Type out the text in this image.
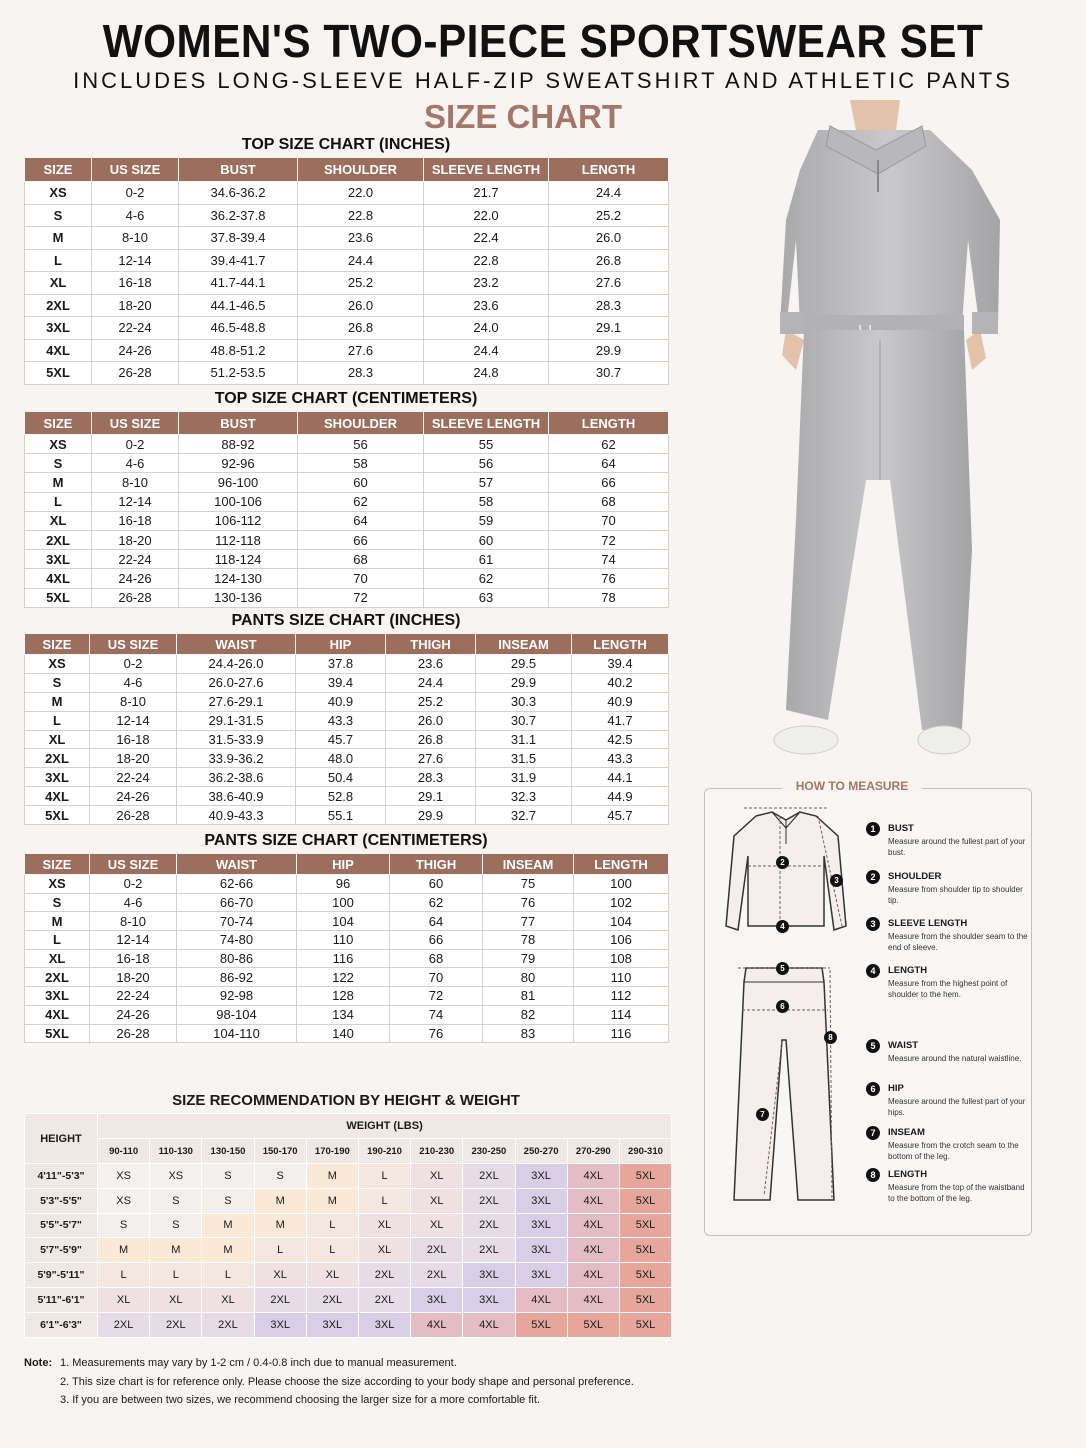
WOMEN'S TWO-PIECE SPORTSWEAR SET
INCLUDES LONG-SLEEVE HALF-ZIP SWEATSHIRT AND ATHLETIC PANTS
SIZE CHART
TOP SIZE CHART (INCHES)
SIZE	US SIZE	BUST	SHOULDER	SLEEVE LENGTH	LENGTH
XS	0-2	34.6-36.2	22.0	21.7	24.4
S	4-6	36.2-37.8	22.8	22.0	25.2
M	8-10	37.8-39.4	23.6	22.4	26.0
L	12-14	39.4-41.7	24.4	22.8	26.8
XL	16-18	41.7-44.1	25.2	23.2	27.6
2XL	18-20	44.1-46.5	26.0	23.6	28.3
3XL	22-24	46.5-48.8	26.8	24.0	29.1
4XL	24-26	48.8-51.2	27.6	24.4	29.9
5XL	26-28	51.2-53.5	28.3	24.8	30.7
TOP SIZE CHART (CENTIMETERS)
SIZE	US SIZE	BUST	SHOULDER	SLEEVE LENGTH	LENGTH
XS	0-2	88-92	56	55	62
S	4-6	92-96	58	56	64
M	8-10	96-100	60	57	66
L	12-14	100-106	62	58	68
XL	16-18	106-112	64	59	70
2XL	18-20	112-118	66	60	72
3XL	22-24	118-124	68	61	74
4XL	24-26	124-130	70	62	76
5XL	26-28	130-136	72	63	78
PANTS SIZE CHART (INCHES)
SIZE	US SIZE	WAIST	HIP	THIGH	INSEAM	LENGTH
XS	0-2	24.4-26.0	37.8	23.6	29.5	39.4
S	4-6	26.0-27.6	39.4	24.4	29.9	40.2
M	8-10	27.6-29.1	40.9	25.2	30.3	40.9
L	12-14	29.1-31.5	43.3	26.0	30.7	41.7
XL	16-18	31.5-33.9	45.7	26.8	31.1	42.5
2XL	18-20	33.9-36.2	48.0	27.6	31.5	43.3
3XL	22-24	36.2-38.6	50.4	28.3	31.9	44.1
4XL	24-26	38.6-40.9	52.8	29.1	32.3	44.9
5XL	26-28	40.9-43.3	55.1	29.9	32.7	45.7
PANTS SIZE CHART (CENTIMETERS)
SIZE	US SIZE	WAIST	HIP	THIGH	INSEAM	LENGTH
XS	0-2	62-66	96	60	75	100
S	4-6	66-70	100	62	76	102
M	8-10	70-74	104	64	77	104
L	12-14	74-80	110	66	78	106
XL	16-18	80-86	116	68	79	108
2XL	18-20	86-92	122	70	80	110
3XL	22-24	92-98	128	72	81	112
4XL	24-26	98-104	134	74	82	114
5XL	26-28	104-110	140	76	83	116
HOW TO MEASURE
2
3
4
5
6
7
8
1	BUST
Measure around the fullest part of your bust.
2	SHOULDER
Measure from shoulder tip to shoulder tip.
3	SLEEVE LENGTH
Measure from the shoulder seam to the end of sleeve.
4	LENGTH
Measure from the highest point of shoulder to the hem.
5	WAIST
Measure around the natural waistline.
6	HIP
Measure around the fullest part of your hips.
7	INSEAM
Measure from the crotch seam to the bottom of the leg.
8	LENGTH
Measure from the top of the waistband to the bottom of the leg.
SIZE RECOMMENDATION BY HEIGHT & WEIGHT
HEIGHT	WEIGHT (LBS)										
	90-110	110-130	130-150	150-170	170-190	190-210	210-230	230-250	250-270	270-290	290-310
4'11"-5'3"	XS	XS	S	S	M	L	XL	2XL	3XL	4XL	5XL
5'3"-5'5"	XS	S	S	M	M	L	XL	2XL	3XL	4XL	5XL
5'5"-5'7"	S	S	M	M	L	XL	XL	2XL	3XL	4XL	5XL
5'7"-5'9"	M	M	M	L	L	XL	2XL	2XL	3XL	4XL	5XL
5'9"-5'11"	L	L	L	XL	XL	2XL	2XL	3XL	3XL	4XL	5XL
5'11"-6'1"	XL	XL	XL	2XL	2XL	2XL	3XL	3XL	4XL	4XL	5XL
6'1"-6'3"	2XL	2XL	2XL	3XL	3XL	3XL	4XL	4XL	5XL	5XL	5XL
Note: 1. Measurements may vary by 1-2 cm / 0.4-0.8 inch due to manual measurement.
2. This size chart is for reference only. Please choose the size according to your body shape and personal preference.
3. If you are between two sizes, we recommend choosing the larger size for a more comfortable fit.
